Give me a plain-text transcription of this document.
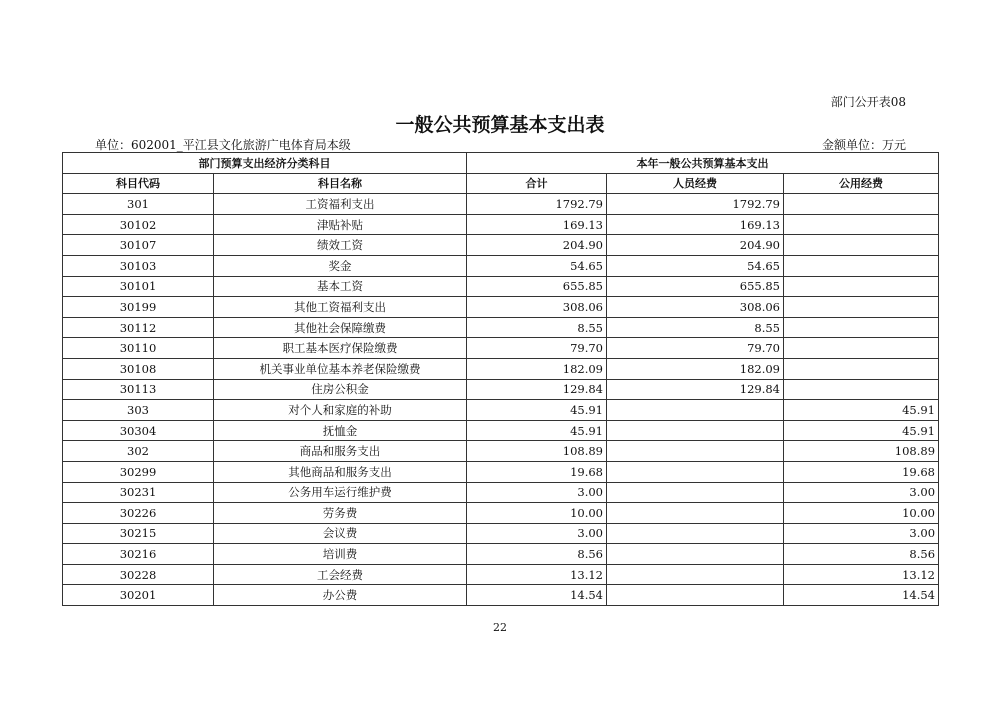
部门公开表08
一般公共预算基本支出表
单位：602001_平江县文化旅游广电体育局本级	金额单位：万元
部门预算支出经济分类科目		本年一般公共预算基本支出		
科目代码	科目名称	合计	人员经费	公用经费
301	工资福利支出	1792.79	1792.79	
30102	津贴补贴	169.13	169.13	
30107	绩效工资	204.90	204.90	
30103	奖金	54.65	54.65	
30101	基本工资	655.85	655.85	
30199	其他工资福利支出	308.06	308.06	
30112	其他社会保障缴费	8.55	8.55	
30110	职工基本医疗保险缴费	79.70	79.70	
30108	机关事业单位基本养老保险缴费	182.09	182.09	
30113	住房公积金	129.84	129.84	
303	对个人和家庭的补助	45.91		45.91
30304	抚恤金	45.91		45.91
302	商品和服务支出	108.89		108.89
30299	其他商品和服务支出	19.68		19.68
30231	公务用车运行维护费	3.00		3.00
30226	劳务费	10.00		10.00
30215	会议费	3.00		3.00
30216	培训费	8.56		8.56
30228	工会经费	13.12		13.12
30201	办公费	14.54		14.54
22
